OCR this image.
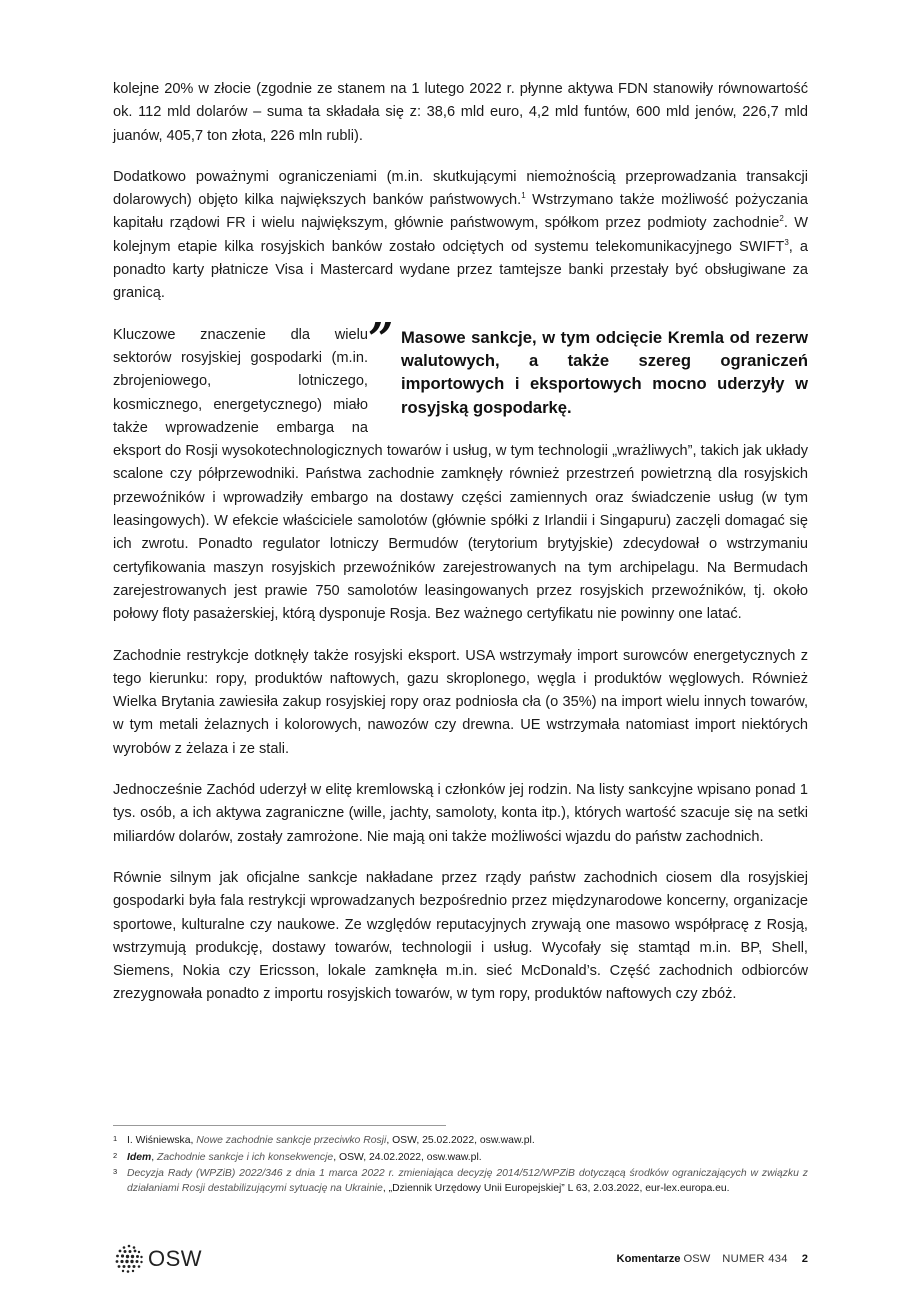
kolejne 20% w złocie (zgodnie ze stanem na 1 lutego 2022 r. płynne aktywa FDN stanowiły równowartość ok. 112 mld dolarów – suma ta składała się z: 38,6 mld euro, 4,2 mld funtów, 600 mld jenów, 226,7 mld juanów, 405,7 ton złota, 226 mln rubli).

Dodatkowo poważnymi ograniczeniami (m.in. skutkującymi niemożnością przeprowadzania transakcji dolarowych) objęto kilka największych banków państwowych.$^1$ Wstrzymano także możliwość pożyczania kapitału rządowi FR i wielu największym, głównie państwowym, spółkom przez podmioty zachodnie$^2$. W kolejnym etapie kilka rosyjskich banków zostało odciętych od systemu telekomunikacyjnego SWIFT$^3$, a ponadto karty płatnicze Visa i Mastercard wydane przez tamtejsze banki przestały być obsługiwane za granicą.

” Masowe sankcje, w tym odcięcie Kremla od rezerw walutowych, a także szereg ograniczeń importowych i eksportowych mocno uderzyły w rosyjską gospodarkę.

Kluczowe znaczenie dla wielu sektorów rosyjskiej gospodarki (m.in. zbrojeniowego, lotniczego, kosmicznego, energetycznego) miało także wprowadzenie embarga na eksport do Rosji wysokotechnologicznych towarów i usług, w tym technologii „wrażliwych”, takich jak układy scalone czy półprzewodniki. Państwa zachodnie zamknęły również przestrzeń powietrzną dla rosyjskich przewoźników i wprowadziły embargo na dostawy części zamiennych oraz świadczenie usług (w tym leasingowych). W efekcie właściciele samolotów (głównie spółki z Irlandii i Singapuru) zaczęli domagać się ich zwrotu. Ponadto regulator lotniczy Bermudów (terytorium brytyjskie) zdecydował o wstrzymaniu certyfikowania maszyn rosyjskich przewoźników zarejestrowanych na tym archipelagu. Na Bermudach zarejestrowanych jest prawie 750 samolotów leasingowanych przez rosyjskich przewoźników, tj. około połowy floty pasażerskiej, którą dysponuje Rosja. Bez ważnego certyfikatu nie powinny one latać.

Zachodnie restrykcje dotknęły także rosyjski eksport. USA wstrzymały import surowców energetycznych z tego kierunku: ropy, produktów naftowych, gazu skroplonego, węgla i produktów węglowych. Również Wielka Brytania zawiesiła zakup rosyjskiej ropy oraz podniosła cła (o 35%) na import wielu innych towarów, w tym metali żelaznych i kolorowych, nawozów czy drewna. UE wstrzymała natomiast import niektórych wyrobów z żelaza i ze stali.

Jednocześnie Zachód uderzył w elitę kremlowską i członków jej rodzin. Na listy sankcyjne wpisano ponad 1 tys. osób, a ich aktywa zagraniczne (wille, jachty, samoloty, konta itp.), których wartość szacuje się na setki miliardów dolarów, zostały zamrożone. Nie mają oni także możliwości wjazdu do państw zachodnich.

Równie silnym jak oficjalne sankcje nakładane przez rządy państw zachodnich ciosem dla rosyjskiej gospodarki była fala restrykcji wprowadzanych bezpośrednio przez międzynarodowe koncerny, organizacje sportowe, kulturalne czy naukowe. Ze względów reputacyjnych zrywają one masowo współpracę z Rosją, wstrzymują produkcję, dostawy towarów, technologii i usług. Wycofały się stamtąd m.in. BP, Shell, Siemens, Nokia czy Ericsson, lokale zamknęła m.in. sieć McDonald’s. Część zachodnich odbiorców zrezygnowała ponadto z importu rosyjskich towarów, w tym ropy, produktów naftowych czy zbóż.

1 I. Wiśniewska, Nowe zachodnie sankcje przeciwko Rosji, OSW, 25.02.2022, osw.waw.pl.
2 Idem, Zachodnie sankcje i ich konsekwencje, OSW, 24.02.2022, osw.waw.pl.
3 Decyzja Rady (WPZiB) 2022/346 z dnia 1 marca 2022 r. zmieniająca decyzję 2014/512/WPZiB dotyczącą środków ograniczających w związku z działaniami Rosji destabilizującymi sytuację na Ukrainie, „Dziennik Urzędowy Unii Europejskiej” L 63, 2.03.2022, eur-lex.europa.eu.
OSW	Komentarze OSW NUMER 434 2
